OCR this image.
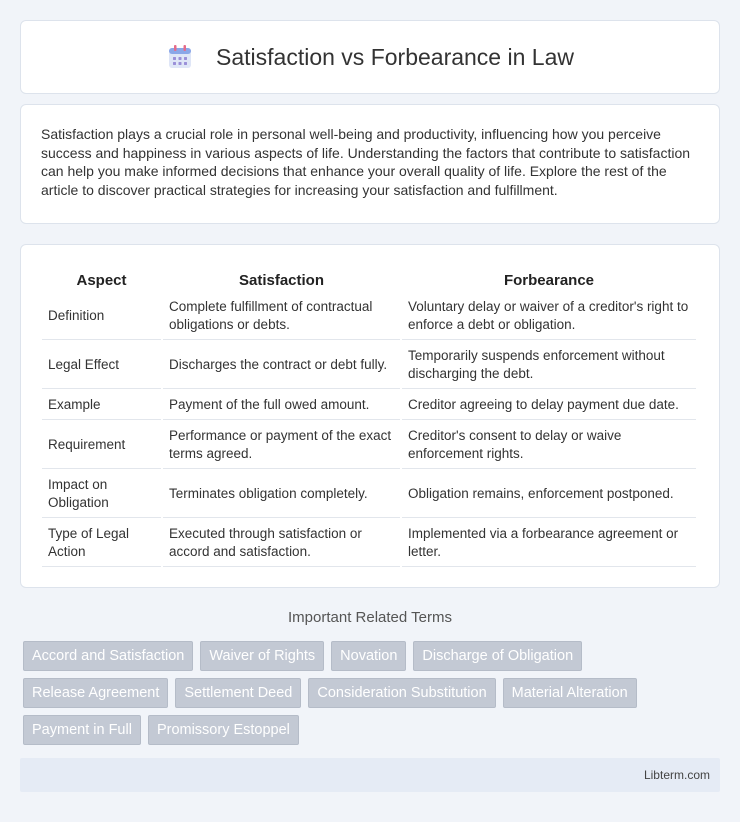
Satisfaction vs Forbearance in Law

Satisfaction plays a crucial role in personal well-being and productivity, influencing how you perceive success and happiness in various aspects of life. Understanding the factors that contribute to satisfaction can help you make informed decisions that enhance your overall quality of life. Explore the rest of the article to discover practical strategies for increasing your satisfaction and fulfillment.

Aspect	Satisfaction	Forbearance
Definition	Complete fulfillment of contractual obligations or debts.	Voluntary delay or waiver of a creditor's right to enforce a debt or obligation.
Legal Effect	Discharges the contract or debt fully.	Temporarily suspends enforcement without discharging the debt.
Example	Payment of the full owed amount.	Creditor agreeing to delay payment due date.
Requirement	Performance or payment of the exact terms agreed.	Creditor's consent to delay or waive enforcement rights.
Impact on Obligation	Terminates obligation completely.	Obligation remains, enforcement postponed.
Type of Legal Action	Executed through satisfaction or accord and satisfaction.	Implemented via a forbearance agreement or letter.
Important Related Terms
Accord and Satisfaction	Waiver of Rights	Novation	Discharge of Obligation
Release Agreement	Settlement Deed	Consideration Substitution	Material Alteration
Payment in Full	Promissory Estoppel
Libterm.com
